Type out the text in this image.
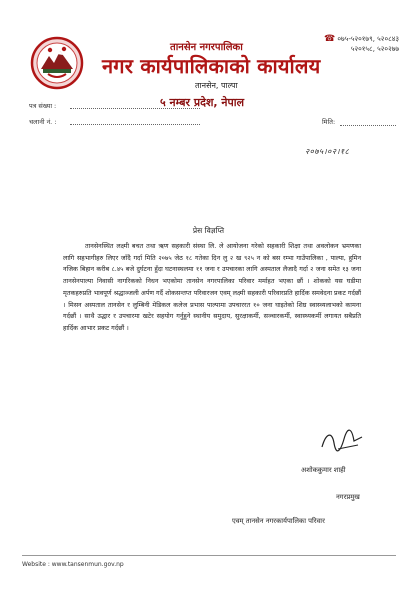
तानसेन नगरपालिका
नगर कार्यपालिकाको कार्यालय
तानसेन, पाल्पा
५ नम्बर प्रदेश, नेपाल
☎ ०७५-५२०१७९, ५२०८४३
५२०१५८, ५२०२७७
पत्र संख्या :
चलानी नं. :	मिति:
२०७५।०२।१८
प्रेस विज्ञप्ति

तानसेनस्थित लक्ष्मी बचत तथा ऋण सहकारी संस्था लि. ले आयोजना गरेको सहकारी शिक्षा तथा अवलोकन भ्रमणका लागि सहभागीहरु लिएर जाँदै गर्दा मिति २०७५ जेठ १८ गतेका दिन लु २ ख ९२५ न को बस रम्भा गाउँपालिका , पाल्पा, हुमिन नजिक बिहान करीब ८.४५ बजे दुर्घटना हुँदा घटनास्थलमा ११ जना र उपचारका लागि अस्पताल लैजादै गर्दा २ जना समेत १३ जना तानसेनपाल्पा निवासी नागरिकको निधन भएकोमा तानसेन नगरपालिका परिवार मर्माहत भएका छौं । शोकको यस घडीमा मृतकहरुप्रति भावपूर्ण श्रद्धाञ्जली अर्पण गर्दै शोकसन्तप्त परिवारजन एवम् लक्ष्मी सहकारी परिवारप्रति हार्दिक समवेदना प्रकट गर्दछौं । मिसन अस्पताल तानसेन र लुम्बिनी मेडिकल कलेज प्रभास पाल्पामा उपचाररत १० जना घाइतेको शिघ्र स्वास्थ्यलाभको कामना गर्दछौं । साथै उद्धार र उपचारमा खटेर सहयोग गर्नुहुने स्थानीय समुदाय, सुरक्षाकर्मी, सञ्चारकर्मी, स्वास्थ्यकर्मी लगायत सबैप्रति हार्दिक आभार प्रकट गर्दछौं ।

अशोककुमार शाही
नगरप्रमुख
एवम् तानसेन नगरकार्यपालिका परिवार
Website : www.tansenmun.gov.np
